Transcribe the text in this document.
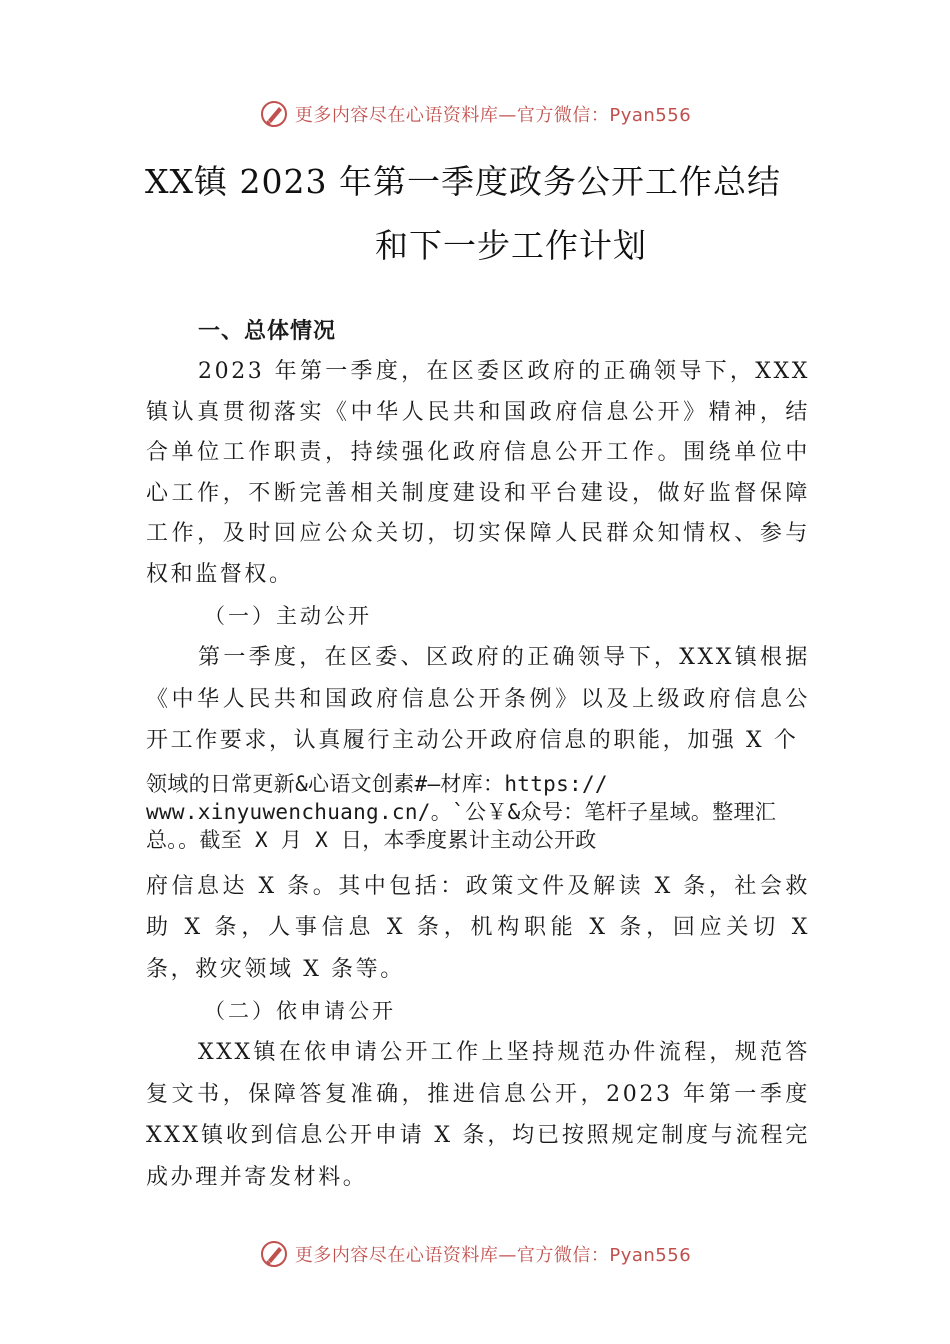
更多内容尽在心语资料库—官方微信：Pyan556
XX镇 2023 年第一季度政务公开工作总结
和下一步工作计划

一、总体情况

2023 年第一季度，在区委区政府的正确领导下，XXX镇认真贯彻落实《中华人民共和国政府信息公开》精神，结合单位工作职责，持续强化政府信息公开工作。围绕单位中心工作，不断完善相关制度建设和平台建设，做好监督保障工作，及时回应公众关切，切实保障人民群众知情权、参与权和监督权。

（一）主动公开

第一季度，在区委、区政府的正确领导下，XXX镇根据《中华人民共和国政府信息公开条例》以及上级政府信息公开工作要求，认真履行主动公开政府信息的职能，加强 X 个

领域的日常更新&心语文创素#—材库：https://

www.xinyuwenchuang.cn/。`公￥&众号：笔杆子星域。整理汇

总。。截至 X 月 X 日，本季度累计主动公开政

府信息达 X 条。其中包括：政策文件及解读 X 条，社会救助 X 条，人事信息 X 条，机构职能 X 条，回应关切 X 条，救灾领域 X 条等。

（二）依申请公开

XXX镇在依申请公开工作上坚持规范办件流程，规范答复文书，保障答复准确，推进信息公开，2023 年第一季度XXX镇收到信息公开申请 X 条，均已按照规定制度与流程完成办理并寄发材料。

更多内容尽在心语资料库—官方微信：Pyan556
